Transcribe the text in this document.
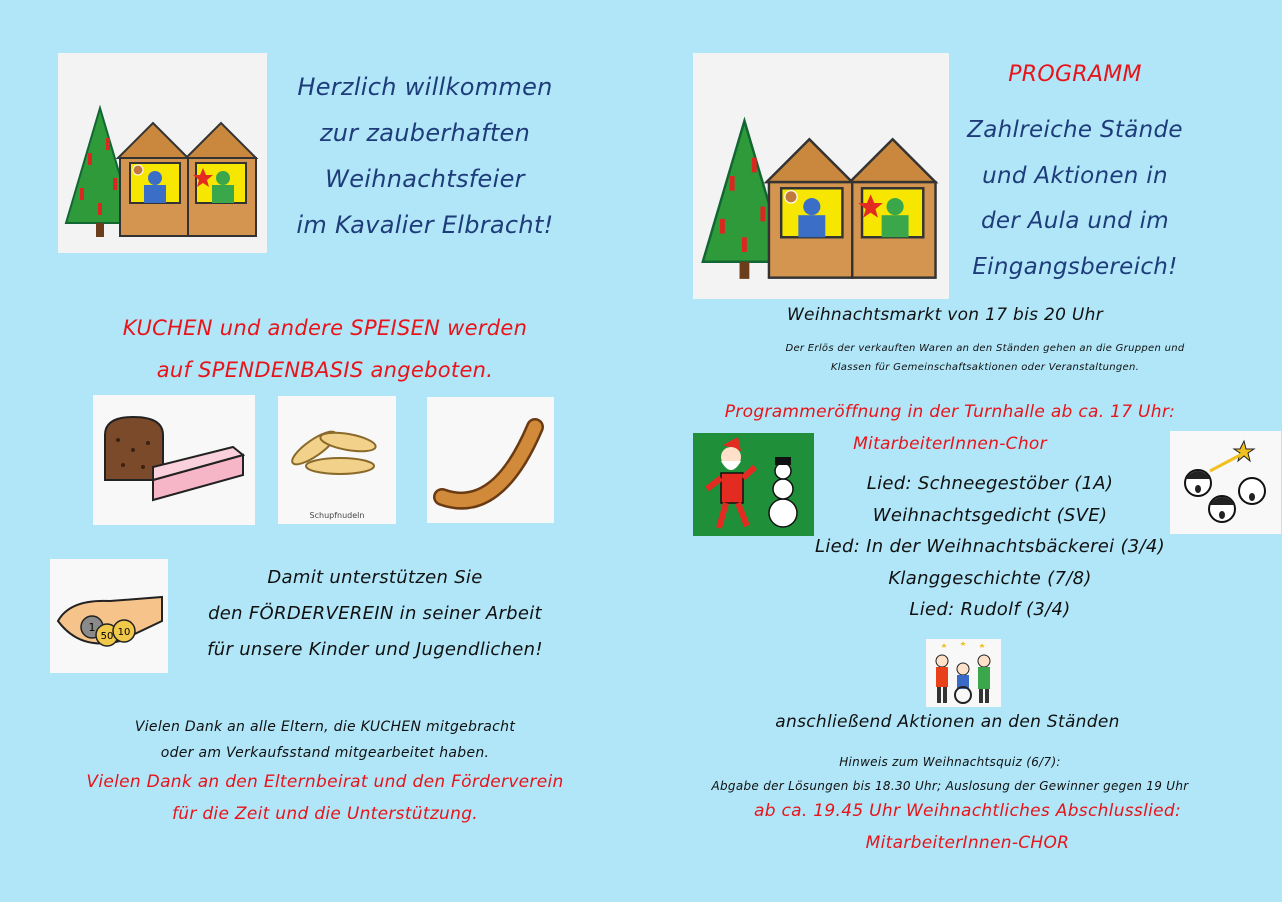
Herzlich willkommen
zur zauberhaften
Weihnachtsfeier
im Kavalier Elbracht!
KUCHEN und andere SPEISEN werden
auf SPENDENBASIS angeboten.
Schupfnudeln
1
50 10
Damit unterstützen Sie
den FÖRDERVEREIN in seiner Arbeit
für unsere Kinder und Jugendlichen!
Vielen Dank an alle Eltern, die KUCHEN mitgebracht
oder am Verkaufsstand mitgearbeitet haben.
Vielen Dank an den Elternbeirat und den Förderverein
für die Zeit und die Unterstützung.
PROGRAMM
Zahlreiche Stände
und Aktionen in
der Aula und im
Eingangsbereich!
Weihnachtsmarkt von 17 bis 20 Uhr
Der Erlös der verkauften Waren an den Ständen gehen an die Gruppen und
Klassen für Gemeinschaftsaktionen oder Veranstaltungen.
Programmeröffnung in der Turnhalle ab ca. 17 Uhr:
MitarbeiterInnen-Chor
Lied: Schneegestöber (1A)
Weihnachtsgedicht (SVE)
Lied: In der Weihnachtsbäckerei (3/4)
Klanggeschichte (7/8)
Lied: Rudolf (3/4)
anschließend Aktionen an den Ständen
Hinweis zum Weihnachtsquiz (6/7):
Abgabe der Lösungen bis 18.30 Uhr; Auslosung der Gewinner gegen 19 Uhr
ab ca. 19.45 Uhr Weihnachtliches Abschlusslied:
MitarbeiterInnen-CHOR
